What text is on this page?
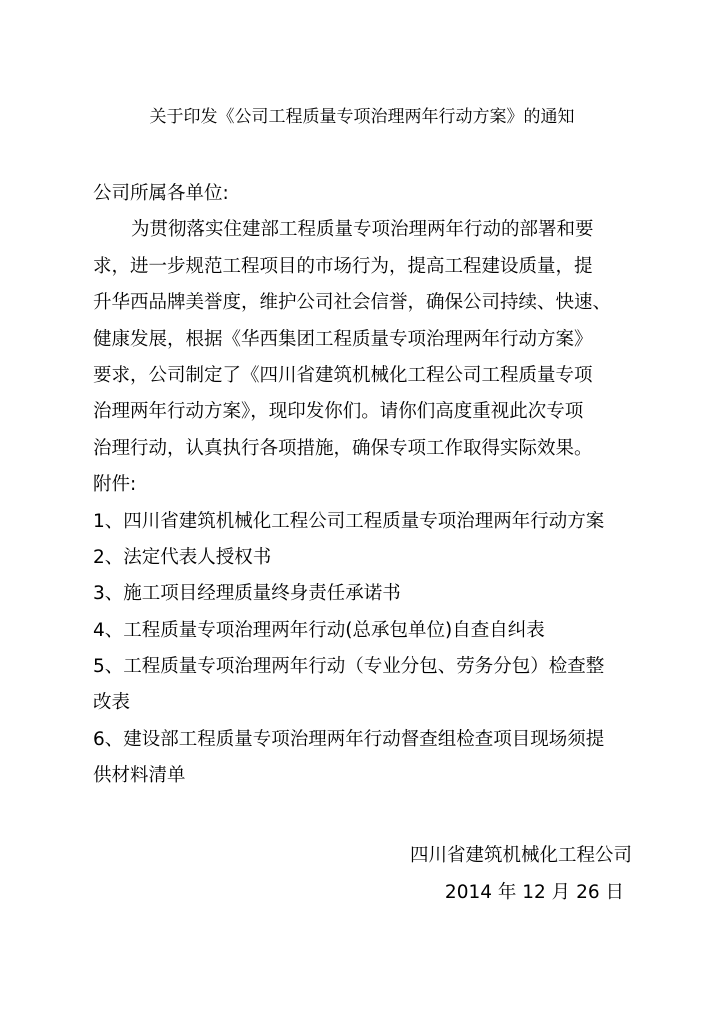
关于印发《公司工程质量专项治理两年行动方案》的通知
公司所属各单位:
为贯彻落实住建部工程质量专项治理两年行动的部署和要
求，进一步规范工程项目的市场行为，提高工程建设质量，提
升华西品牌美誉度，维护公司社会信誉，确保公司持续、快速、
健康发展，根据《华西集团工程质量专项治理两年行动方案》
要求，公司制定了《四川省建筑机械化工程公司工程质量专项
治理两年行动方案》，现印发你们。请你们高度重视此次专项
治理行动，认真执行各项措施，确保专项工作取得实际效果。
附件:
1、四川省建筑机械化工程公司工程质量专项治理两年行动方案
2、法定代表人授权书
3、施工项目经理质量终身责任承诺书
4、工程质量专项治理两年行动(总承包单位)自查自纠表
5、工程质量专项治理两年行动（专业分包、劳务分包）检查整
改表
6、建设部工程质量专项治理两年行动督查组检查项目现场须提
供材料清单
四川省建筑机械化工程公司
2014 年 12 月 26 日
